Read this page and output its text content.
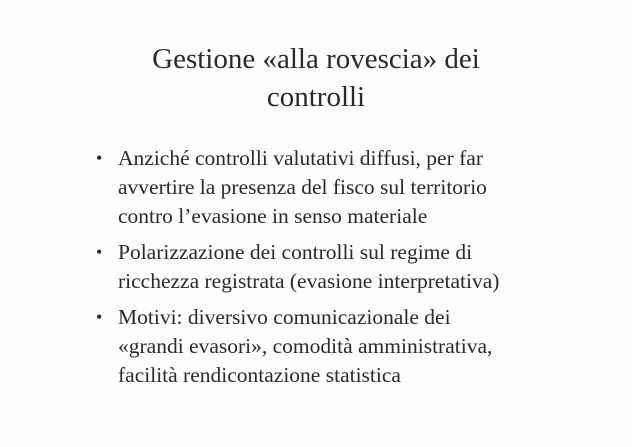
Gestione «alla rovescia» dei
controlli
• Anziché controlli valutativi diffusi, per far
avvertire la presenza del fisco sul territorio
contro l’evasione in senso materiale
• Polarizzazione dei controlli sul regime di
ricchezza registrata (evasione interpretativa)
• Motivi: diversivo comunicazionale dei
«grandi evasori», comodità amministrativa,
facilità rendicontazione statistica
